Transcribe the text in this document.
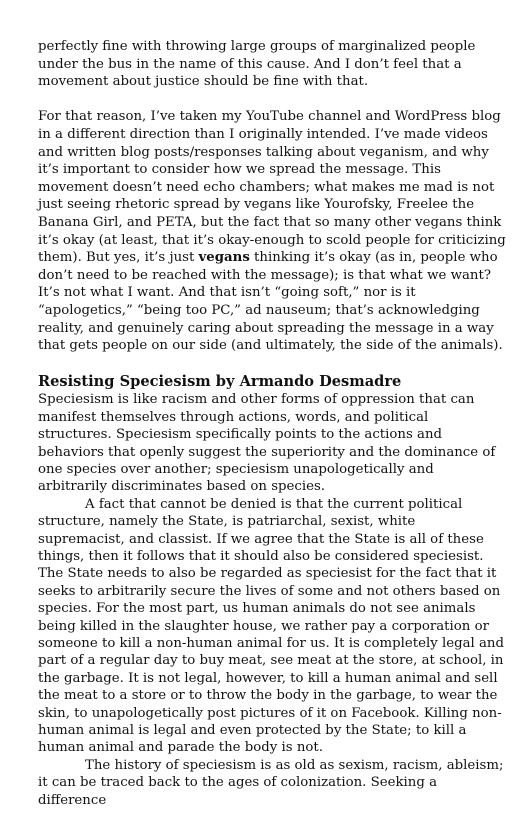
perfectly fine with throwing large groups of marginalized people under the bus in the name of this cause. And I don’t feel that a movement about justice should be fine with that.

For that reason, I’ve taken my YouTube channel and WordPress blog in a different direction than I originally intended. I’ve made videos and written blog posts/responses talking about veganism, and why it’s important to consider how we spread the message. This movement doesn’t need echo chambers; what makes me mad is not just seeing rhetoric spread by vegans like Yourofsky, Freelee the Banana Girl, and PETA, but the fact that so many other vegans think it’s okay (at least, that it’s okay-enough to scold people for criticizing them). But yes, it’s just vegans thinking it’s okay (as in, people who don’t need to be reached with the message); is that what we want? It’s not what I want. And that isn’t “going soft,” nor is it “apologetics,” “being too PC,” ad nauseum; that’s acknowledging reality, and genuinely caring about spreading the message in a way that gets people on our side (and ultimately, the side of the animals).

Resisting Speciesism by Armando Desmadre

Speciesism is like racism and other forms of oppression that can manifest themselves through actions, words, and political structures. Speciesism specifically points to the actions and behaviors that openly suggest the superiority and the dominance of one species over another; speciesism unapologetically and arbitrarily discriminates based on species.

A fact that cannot be denied is that the current political structure, namely the State, is patriarchal, sexist, white supremacist, and classist. If we agree that the State is all of these things, then it follows that it should also be considered speciesist. The State needs to also be regarded as speciesist for the fact that it seeks to arbitrarily secure the lives of some and not others based on species. For the most part, us human animals do not see animals being killed in the slaughter house, we rather pay a corporation or someone to kill a non-human animal for us. It is completely legal and part of a regular day to buy meat, see meat at the store, at school, in the garbage. It is not legal, however, to kill a human animal and sell the meat to a store or to throw the body in the garbage, to wear the skin, to unapologetically post pictures of it on Facebook. Killing non-human animal is legal and even protected by the State; to kill a human animal and parade the body is not.

The history of speciesism is as old as sexism, racism, ableism; it can be traced back to the ages of colonization. Seeking a difference
